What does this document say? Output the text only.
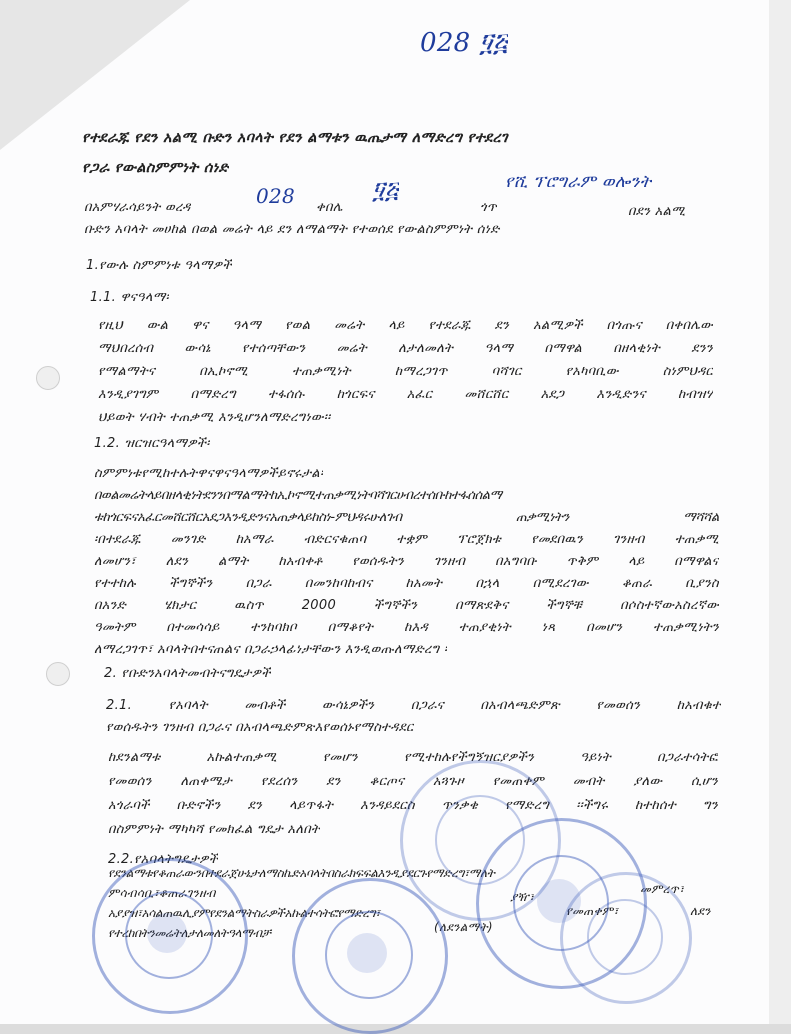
028 ፶፭
የተደራጁ የደን አልሚ ቡድን አባላት የደን ልማቱን ዉጤታማ ለማድረግ የተደረገ
የጋራ የውልስምምነት ሰነድ
በአምሃራሳይንት ወረዳ	028 ቀበሌ
፶፭
ጎጥ
የሺ ፕሮግራም ወሎንት
በደን አልሚ
ቡድን አባላት መሀከል በወል መሬት ላይ ደን ለማልማት የተወሰደ የውልስምምነት ሰነድ
1.የውሉ ስምምነቱ ዓላማዎች
1.1. ዋናዓላማ፡
የዚህ ውል ዋና ዓላማ የወል መሬት ላይ የተደራጁ ደን አልሚዎች በጎጡና በቀበሌው
ማህበረሰብ ውሳኔ የተሰጣቸውን መሬት ለታለመለት ዓላማ በማዋል በዘላቂነት ደንን
የማልማትና በኢኮኖሚ ተጠቃሚነት ከማረጋገጥ ባሻገር የአካባቢው ስነምህዳር
እንዲያገግም በማድረግ ተፋሰሱ ከጎርፍና አፈር መሸርሸር አደጋ እንዲድንና ከብዝሃ
ህይወት ሃብት ተጠቃሚ እንዲሆንለማድረግነው፡፡
1.2. ዝርዝርዓላማዎች፡
ስምምነቱየሚከተሉትዋናዋናዓላማዎችይኖሩታል፡
በወልመሬትላይበዘላቂነትደንንበማልማትከኢኮኖሚተጠቃሚነትባሻገርሀብረተሰቡከተፋሰሰልማ
ቱከጎርፍናአፈርመሸርሸርአደጋእንዲድንናአጠቃላይከስነ-ምህዳሩሁለገብ ጠቃሚነትን ማሻሻል
፡በተደራጁ መንገድ ከአማራ ብድርናቁጠባ ተቋም ፕሮጀክቱ የመደበዉን ገንዘብ ተጠቃሚ
ለመሆን፣ ለደን ልማት ከአብቀቶ የወሰዱትን ገንዘብ በአግባቡ ጥቅም ላይ በማዋልና
የተተከሉ ችግኞችን በጋራ በመንከባከብና ከአመት በኋላ በሚደረገው ቆጠራ ቢያንስ
በአንድ ሄክታር ዉስጥ 2000 ችግኞችን በማጽደቅና ችግኞቹ በሶስተኛውአስረኛው
ዓመትም በተመሳሳይ ተንከባክቦ በማቆየት ከእዳ ተጠያቂነት ነጻ በመሆን ተጠቃሚነትን
ለማረጋገጥ፣ አባላትበተናጠልና በጋራኃላፊነታቸውን እንዲወጡለማድረግ ፡
2. የቡድንአባላትመብትናግዴታዎች
2.1. የአባላት መብቶች ውሳኔዎችን በጋራና በአብላጫድምጽ የመወሰን ከአብቁተ
የወሰዱትን ገንዘብ በጋራና በአብላጫድምጽእየወሰኑየማስተዳደር
ከደንልማቱ አኩልተጠቃሚ የመሆን የሚተከሉየችግኝዝርያዎችን ዓይነት በጋራተሳትፎ
የመወሰን ለጠቀሜታ የደረሰን ደን ቆርጦና አጓጉዞ የመጠቀም መብት ያለው ሲሆን
አጎራባች ቡድኖችን ደን ላይጥፋት እንዳይደርስ ጥንቃቄ የማድረግ ፡፡ችግሩ ከተከሰተ ግን
በስምምነት ማካካሻ የመክፈል ግዴታ አለበት
2.2.የአባላትግዴታዎች
የደንልማቱየቆጠራውንበተደራጀሁኔታለማስኬድአባላትበስራክፍፍልእንዲያደርጉየማድረግ፣ማለት
መምረጥ፣
ያዥ፣
ምሳብሳቢ፣ቆጠራገንዘብ
አያያዝ፣አሳልጠዉሊያምየደንልማትስራዎችአኩልተሳትፎየማድረግ፣	የመጠቀም፣	ለደን
የተረከበትንመሬትለታለመለትዓላማብቻ	(ለደንልማት)
